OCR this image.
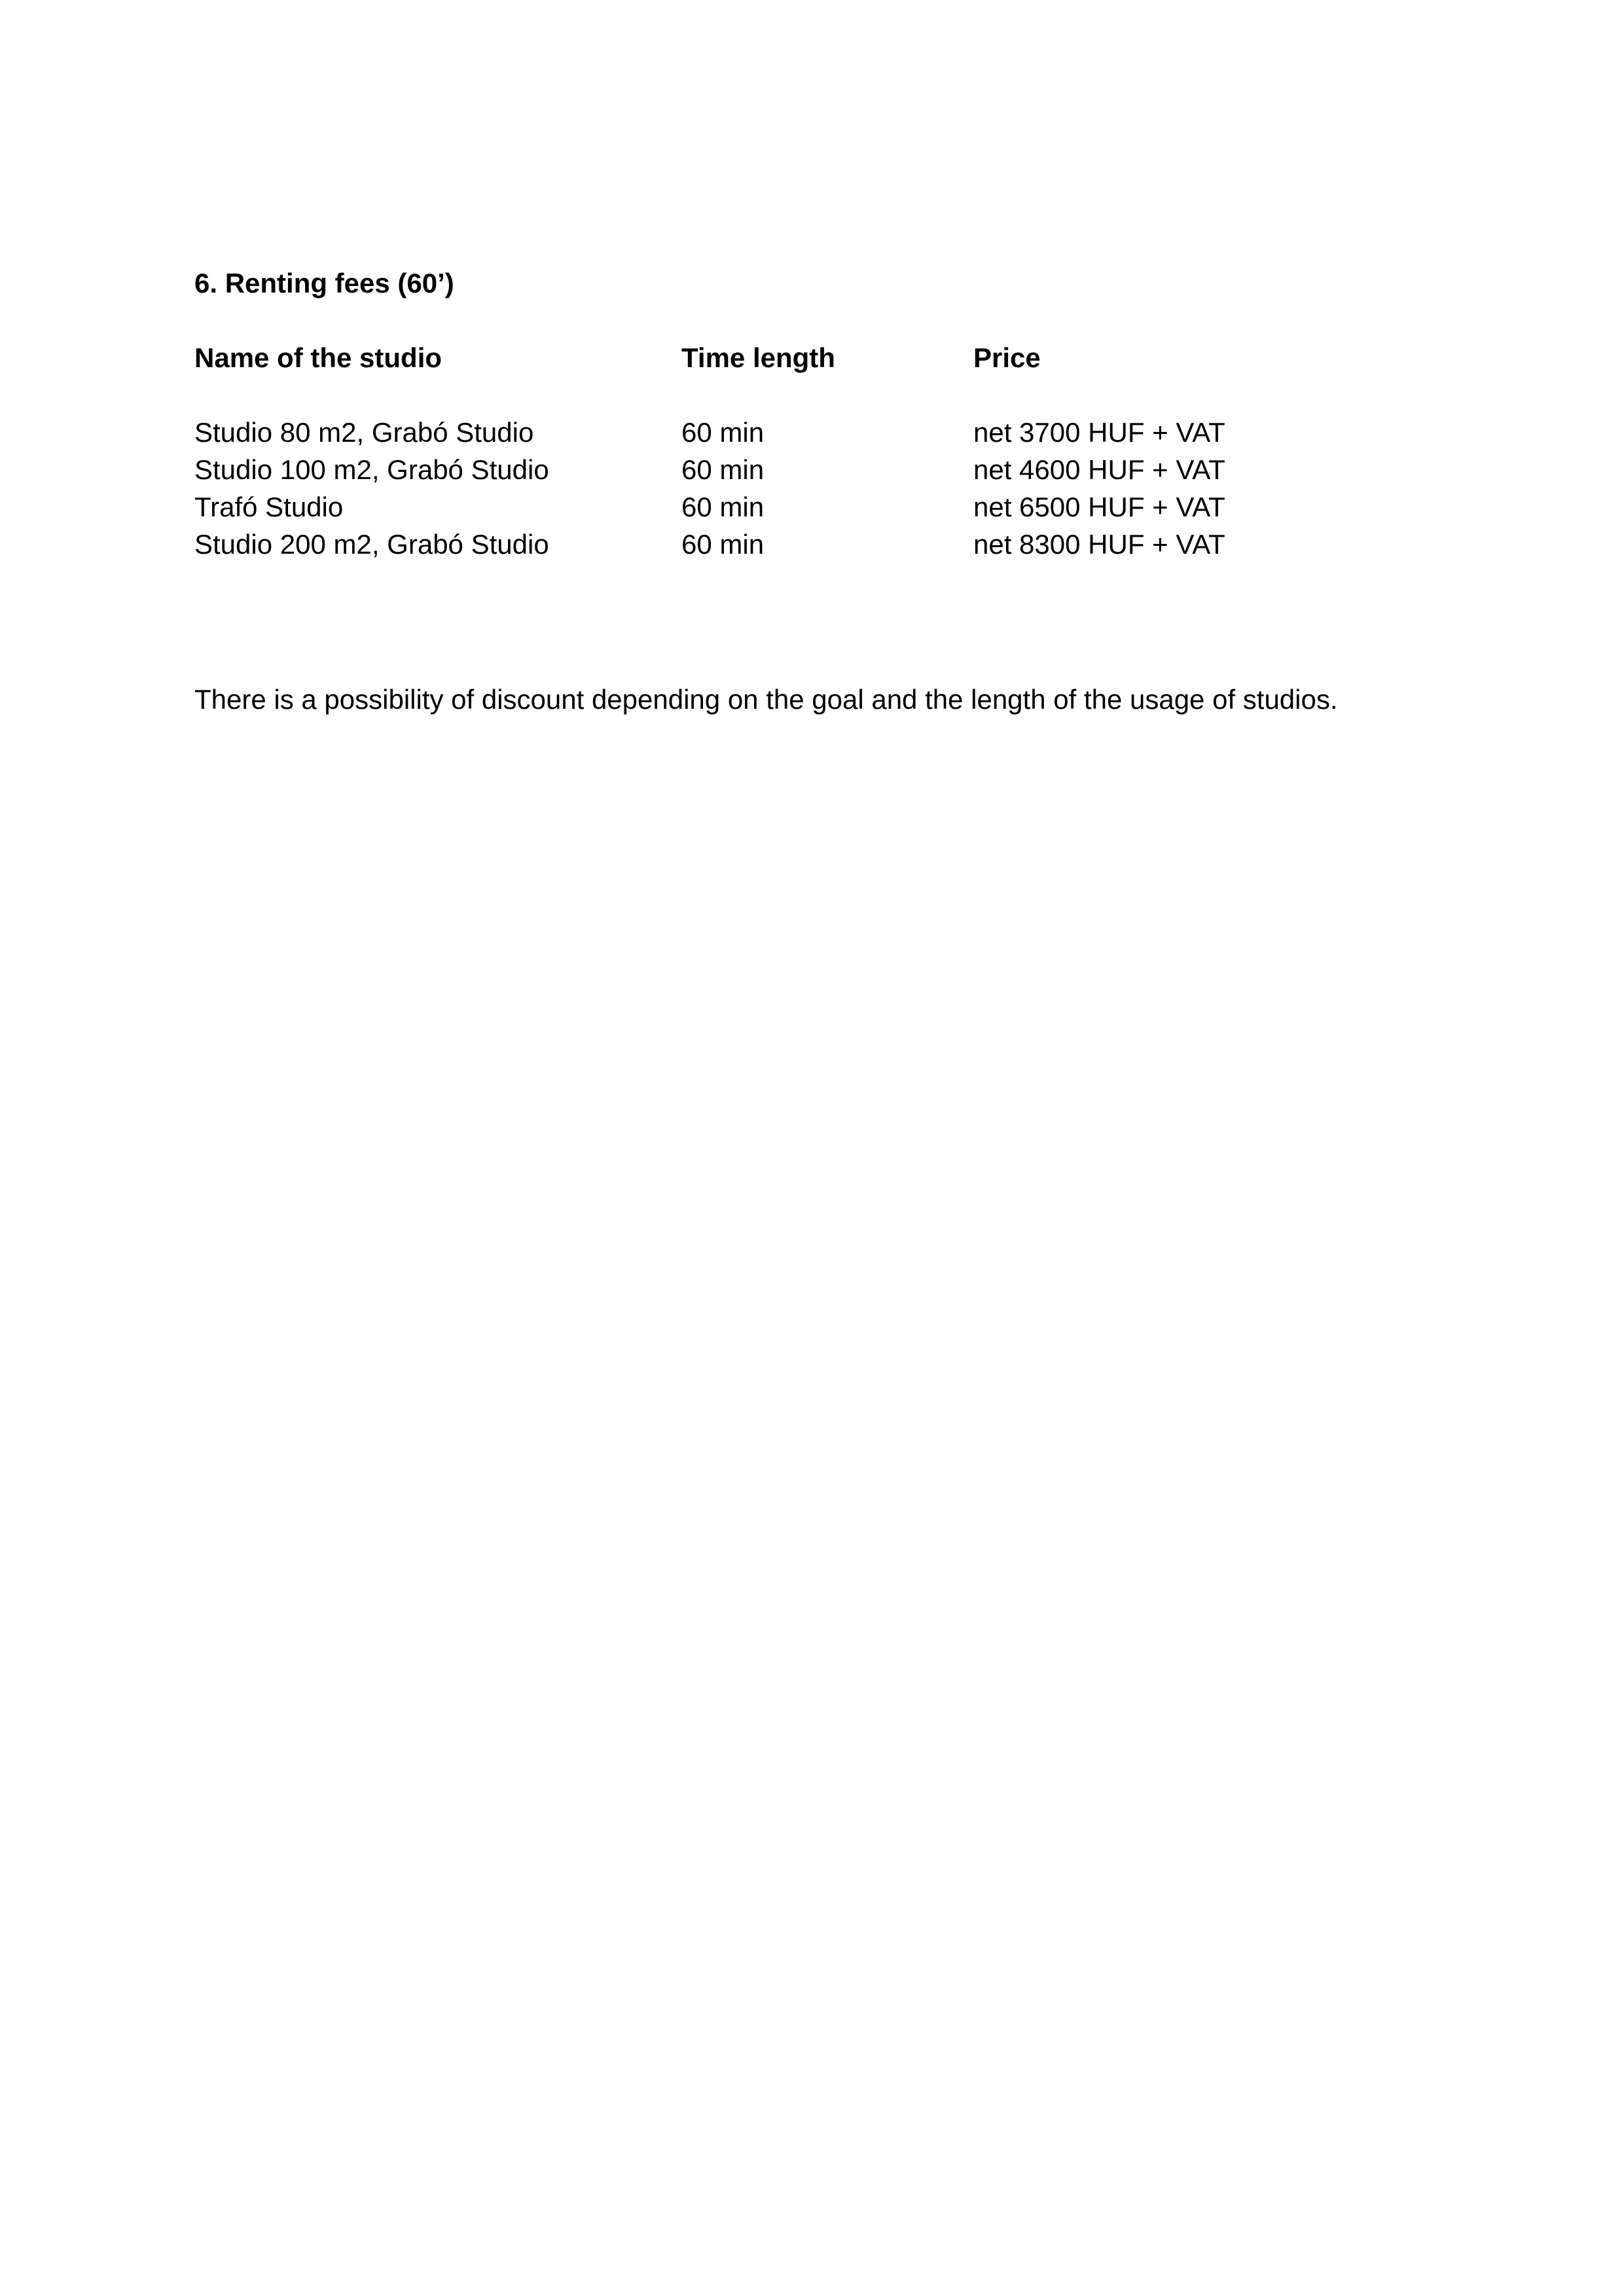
6. Renting fees (60’)
Name of the studio	Time length	Price
Studio 80 m2, Grabó Studio	60 min	net 3700 HUF + VAT
Studio 100 m2, Grabó Studio	60 min	net 4600 HUF + VAT
Trafó Studio	60 min	net 6500 HUF + VAT
Studio 200 m2, Grabó Studio	60 min	net 8300 HUF + VAT

There is a possibility of discount depending on the goal and the length of the usage of studios.
